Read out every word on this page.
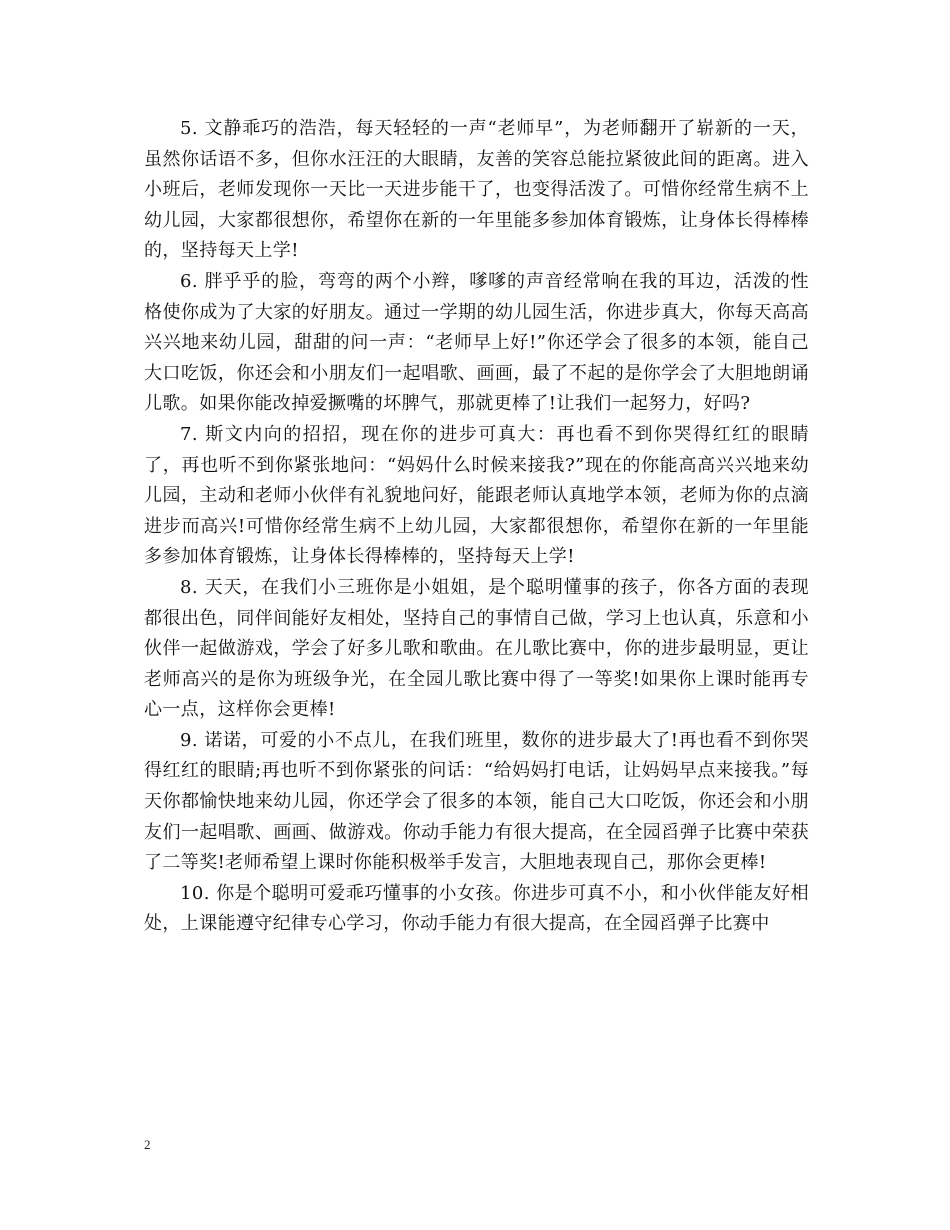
5. 文静乖巧的浩浩，每天轻轻的一声“老师早”，为老师翻开了崭新的一天，虽然你话语不多，但你水汪汪的大眼睛，友善的笑容总能拉紧彼此间的距离。进入小班后，老师发现你一天比一天进步能干了，也变得活泼了。可惜你经常生病不上幼儿园，大家都很想你，希望你在新的一年里能多参加体育锻炼，让身体长得棒棒的，坚持每天上学!

6. 胖乎乎的脸，弯弯的两个小辫，嗲嗲的声音经常响在我的耳边，活泼的性格使你成为了大家的好朋友。通过一学期的幼儿园生活，你进步真大，你每天高高兴兴地来幼儿园，甜甜的问一声：“老师早上好!”你还学会了很多的本领，能自己大口吃饭，你还会和小朋友们一起唱歌、画画，最了不起的是你学会了大胆地朗诵儿歌。如果你能改掉爱撅嘴的坏脾气，那就更棒了!让我们一起努力，好吗?

7. 斯文内向的招招，现在你的进步可真大：再也看不到你哭得红红的眼睛了，再也听不到你紧张地问：“妈妈什么时候来接我?”现在的你能高高兴兴地来幼儿园，主动和老师小伙伴有礼貌地问好，能跟老师认真地学本领，老师为你的点滴进步而高兴!可惜你经常生病不上幼儿园，大家都很想你，希望你在新的一年里能多参加体育锻炼，让身体长得棒棒的，坚持每天上学!

8. 天天，在我们小三班你是小姐姐，是个聪明懂事的孩子，你各方面的表现都很出色，同伴间能好友相处，坚持自己的事情自己做，学习上也认真，乐意和小伙伴一起做游戏，学会了好多儿歌和歌曲。在儿歌比赛中，你的进步最明显，更让老师高兴的是你为班级争光，在全园儿歌比赛中得了一等奖!如果你上课时能再专心一点，这样你会更棒!

9. 诺诺，可爱的小不点儿，在我们班里，数你的进步最大了!再也看不到你哭得红红的眼睛;再也听不到你紧张的问话：“给妈妈打电话，让妈妈早点来接我。”每天你都愉快地来幼儿园，你还学会了很多的本领，能自己大口吃饭，你还会和小朋友们一起唱歌、画画、做游戏。你动手能力有很大提高，在全园舀弹子比赛中荣获了二等奖!老师希望上课时你能积极举手发言，大胆地表现自己，那你会更棒!

10. 你是个聪明可爱乖巧懂事的小女孩。你进步可真不小，和小伙伴能友好相处，上课能遵守纪律专心学习，你动手能力有很大提高，在全园舀弹子比赛中

2
